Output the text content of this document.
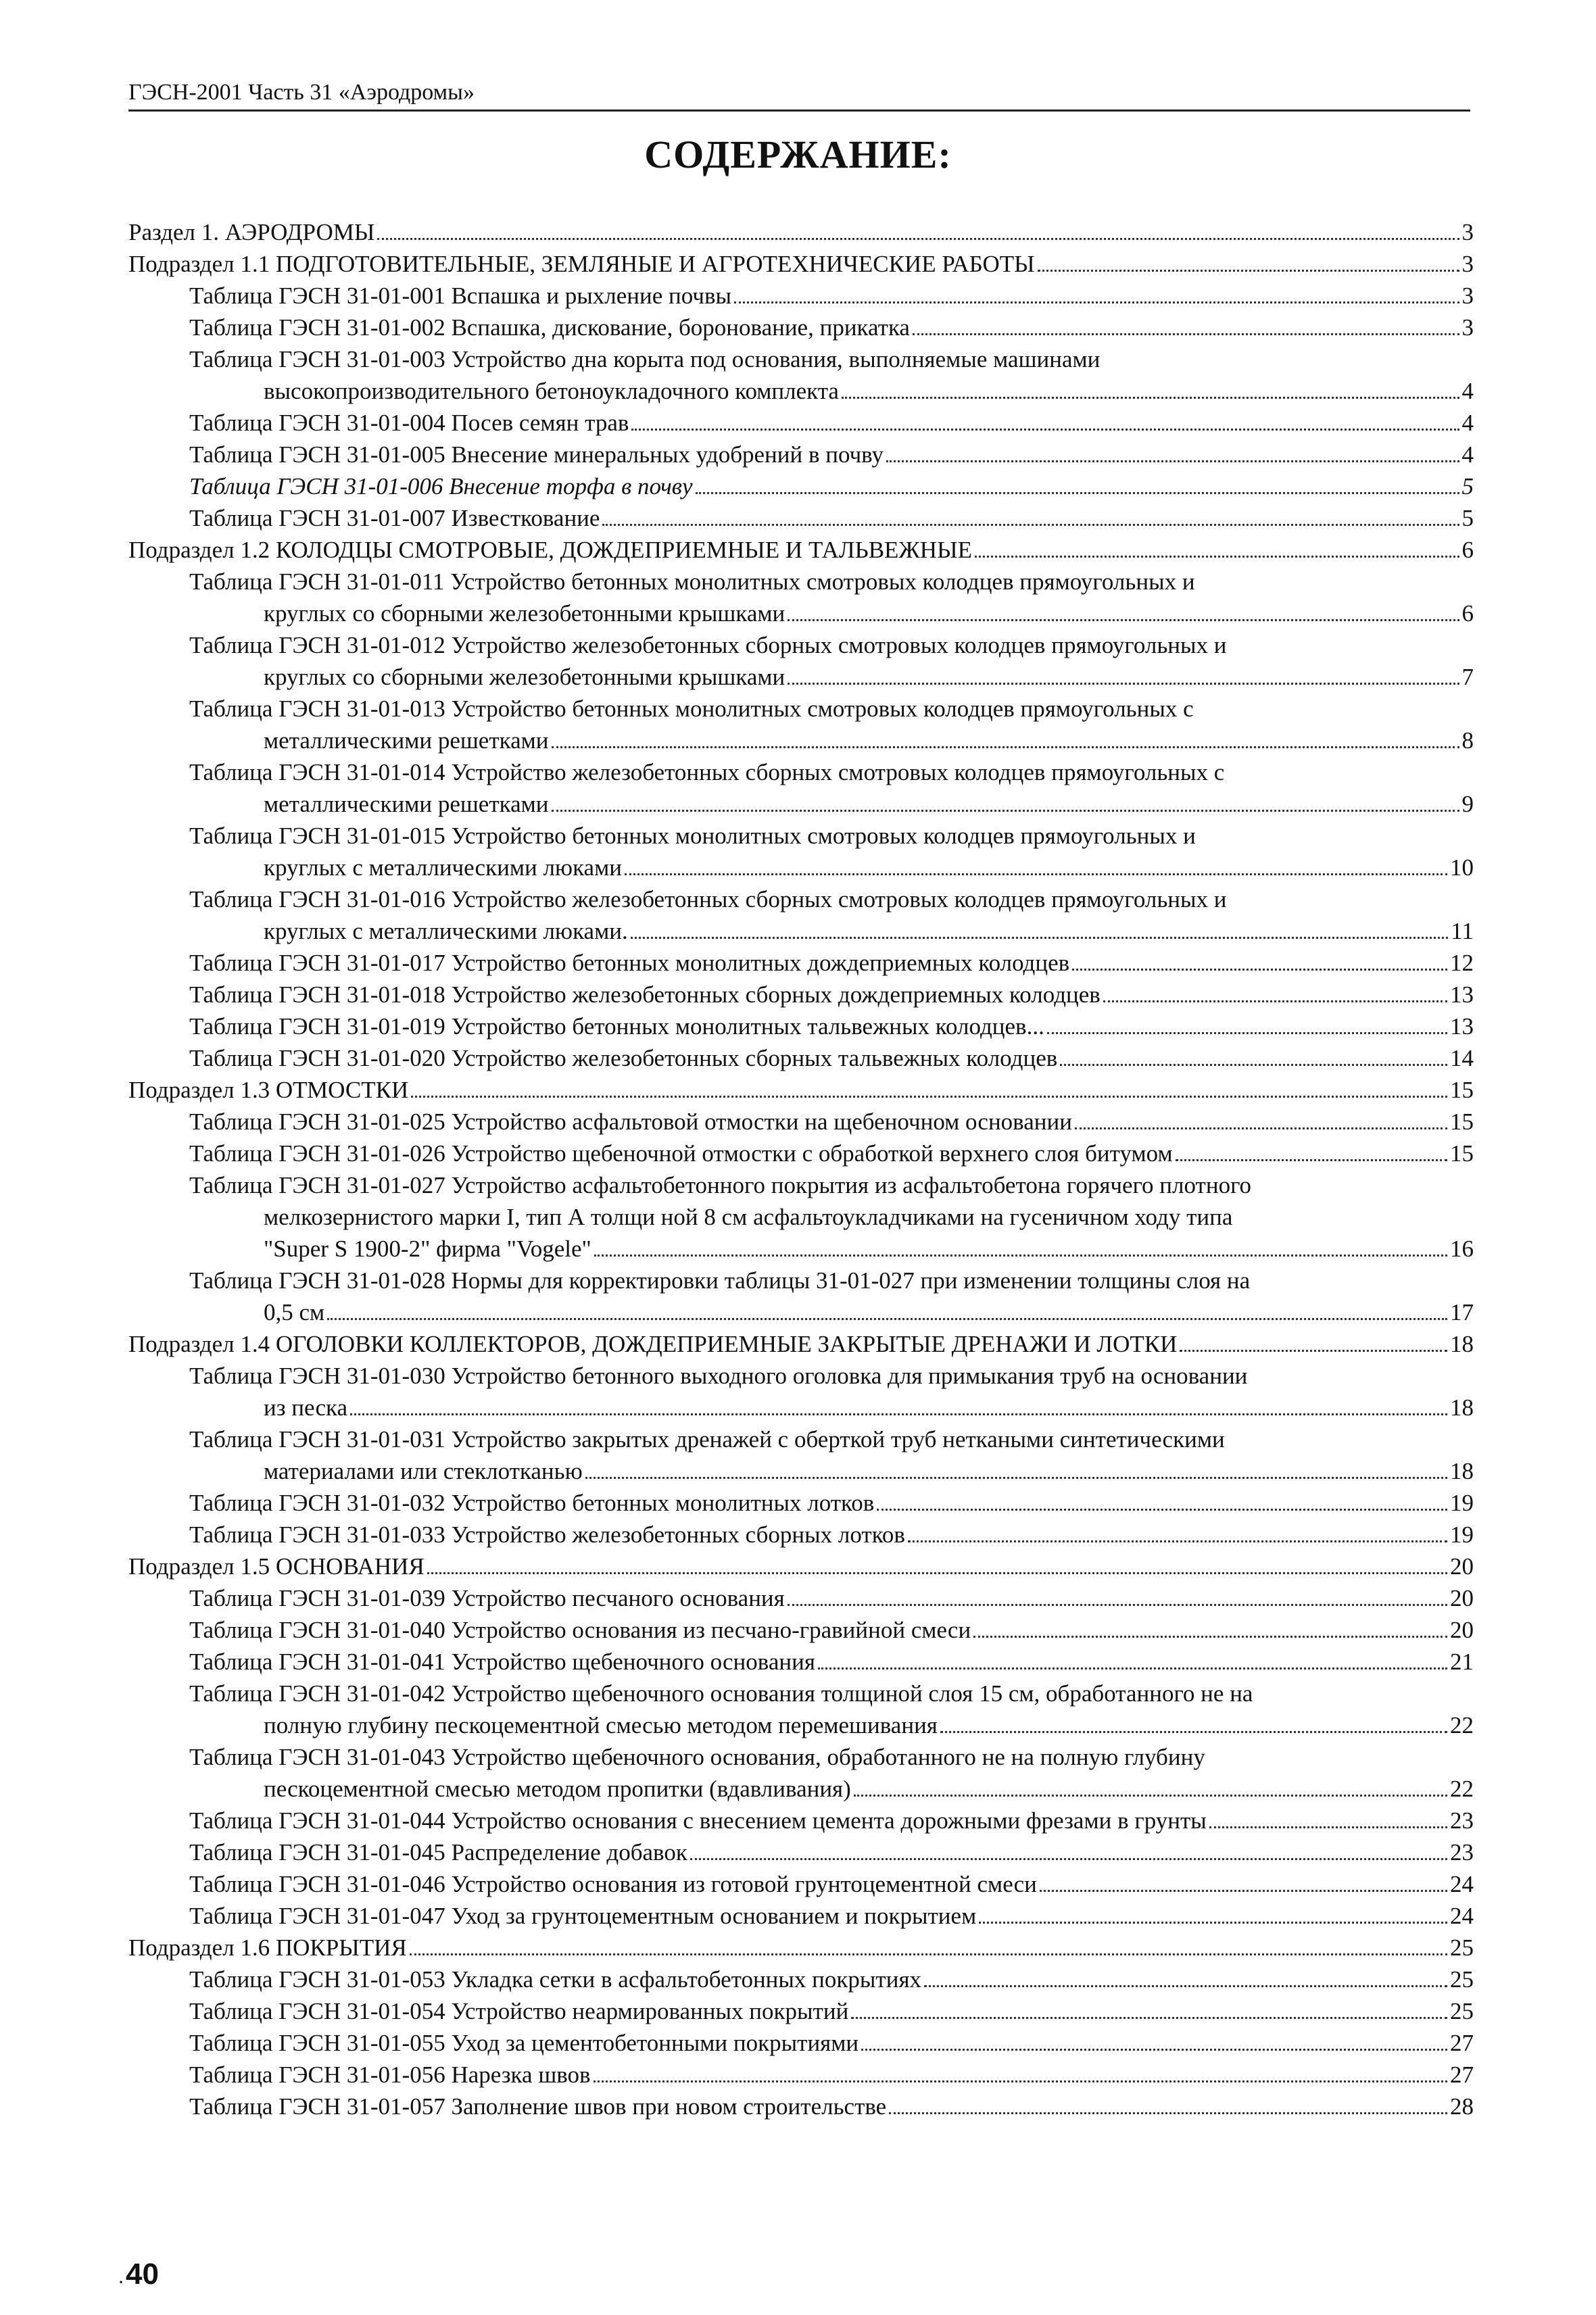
ГЭСН-2001 Часть 31 «Аэродромы»
СОДЕРЖАНИЕ:
Раздел 1. АЭРОДРОМЫ	3
Подраздел 1.1 ПОДГОТОВИТЕЛЬНЫЕ, ЗЕМЛЯНЫЕ И АГРОТЕХНИЧЕСКИЕ РАБОТЫ	3
Таблица ГЭСН 31-01-001 Вспашка и рыхление почвы	3
Таблица ГЭСН 31-01-002 Вспашка, дискование, боронование, прикатка	3
Таблица ГЭСН 31-01-003 Устройство дна корыта под основания, выполняемые машинами
высокопроизводительного бетоноукладочного комплекта	4
Таблица ГЭСН 31-01-004 Посев семян трав	4
Таблица ГЭСН 31-01-005 Внесение минеральных удобрений в почву	4
Таблица ГЭСН 31-01-006 Внесение торфа в почву	5
Таблица ГЭСН 31-01-007 Известкование	5
Подраздел 1.2 КОЛОДЦЫ СМОТРОВЫЕ, ДОЖДЕПРИЕМНЫЕ И ТАЛЬВЕЖНЫЕ	6
Таблица ГЭСН 31-01-011 Устройство бетонных монолитных смотровых колодцев прямоугольных и
круглых со сборными железобетонными крышками	6
Таблица ГЭСН 31-01-012 Устройство железобетонных сборных смотровых колодцев прямоугольных и
круглых со сборными железобетонными крышками	7
Таблица ГЭСН 31-01-013 Устройство бетонных монолитных смотровых колодцев прямоугольных с
металлическими решетками	8
Таблица ГЭСН 31-01-014 Устройство железобетонных сборных смотровых колодцев прямоугольных с
металлическими решетками	9
Таблица ГЭСН 31-01-015 Устройство бетонных монолитных смотровых колодцев прямоугольных и
круглых с металлическими люками	10
Таблица ГЭСН 31-01-016 Устройство железобетонных сборных смотровых колодцев прямоугольных и
круглых с металлическими люками.	11
Таблица ГЭСН 31-01-017 Устройство бетонных монолитных дождеприемных колодцев	12
Таблица ГЭСН 31-01-018 Устройство железобетонных сборных дождеприемных колодцев	13
Таблица ГЭСН 31-01-019 Устройство бетонных монолитных тальвежных колодцев...	13
Таблица ГЭСН 31-01-020 Устройство железобетонных сборных тальвежных колодцев	14
Подраздел 1.3 ОТМОСТКИ	15
Таблица ГЭСН 31-01-025 Устройство асфальтовой отмостки на щебеночном основании	15
Таблица ГЭСН 31-01-026 Устройство щебеночной отмостки с обработкой верхнего слоя битумом	15
Таблица ГЭСН 31-01-027 Устройство асфальтобетонного покрытия из асфальтобетона горячего плотного
мелкозернистого марки I, тип А толщи ной 8 см асфальтоукладчиками на гусеничном ходу типа
"Super S 1900-2" фирма "Vogele"	16
Таблица ГЭСН 31-01-028 Нормы для корректировки таблицы 31-01-027 при изменении толщины слоя на
0,5 см	17
Подраздел 1.4 ОГОЛОВКИ КОЛЛЕКТОРОВ, ДОЖДЕПРИЕМНЫЕ ЗАКРЫТЫЕ ДРЕНАЖИ И ЛОТКИ	18
Таблица ГЭСН 31-01-030 Устройство бетонного выходного оголовка для примыкания труб на основании
из песка	18
Таблица ГЭСН 31-01-031 Устройство закрытых дренажей с оберткой труб неткаными синтетическими
материалами или стеклотканью	18
Таблица ГЭСН 31-01-032 Устройство бетонных монолитных лотков	19
Таблица ГЭСН 31-01-033 Устройство железобетонных сборных лотков	19
Подраздел 1.5 ОСНОВАНИЯ	20
Таблица ГЭСН 31-01-039 Устройство песчаного основания	20
Таблица ГЭСН 31-01-040 Устройство основания из песчано-гравийной смеси	20
Таблица ГЭСН 31-01-041 Устройство щебеночного основания	21
Таблица ГЭСН 31-01-042 Устройство щебеночного основания толщиной слоя 15 см, обработанного не на
полную глубину пескоцементной смесью методом перемешивания	22
Таблица ГЭСН 31-01-043 Устройство щебеночного основания, обработанного не на полную глубину
пескоцементной смесью методом пропитки (вдавливания)	22
Таблица ГЭСН 31-01-044 Устройство основания с внесением цемента дорожными фрезами в грунты	23
Таблица ГЭСН 31-01-045 Распределение добавок	23
Таблица ГЭСН 31-01-046 Устройство основания из готовой грунтоцементной смеси	24
Таблица ГЭСН 31-01-047 Уход за грунтоцементным основанием и покрытием	24
Подраздел 1.6 ПОКРЫТИЯ	25
Таблица ГЭСН 31-01-053 Укладка сетки в асфальтобетонных покрытиях	25
Таблица ГЭСН 31-01-054 Устройство неармированных покрытий	25
Таблица ГЭСН 31-01-055 Уход за цементобетонными покрытиями	27
Таблица ГЭСН 31-01-056 Нарезка швов	27
Таблица ГЭСН 31-01-057 Заполнение швов при новом строительстве	28
· 40
